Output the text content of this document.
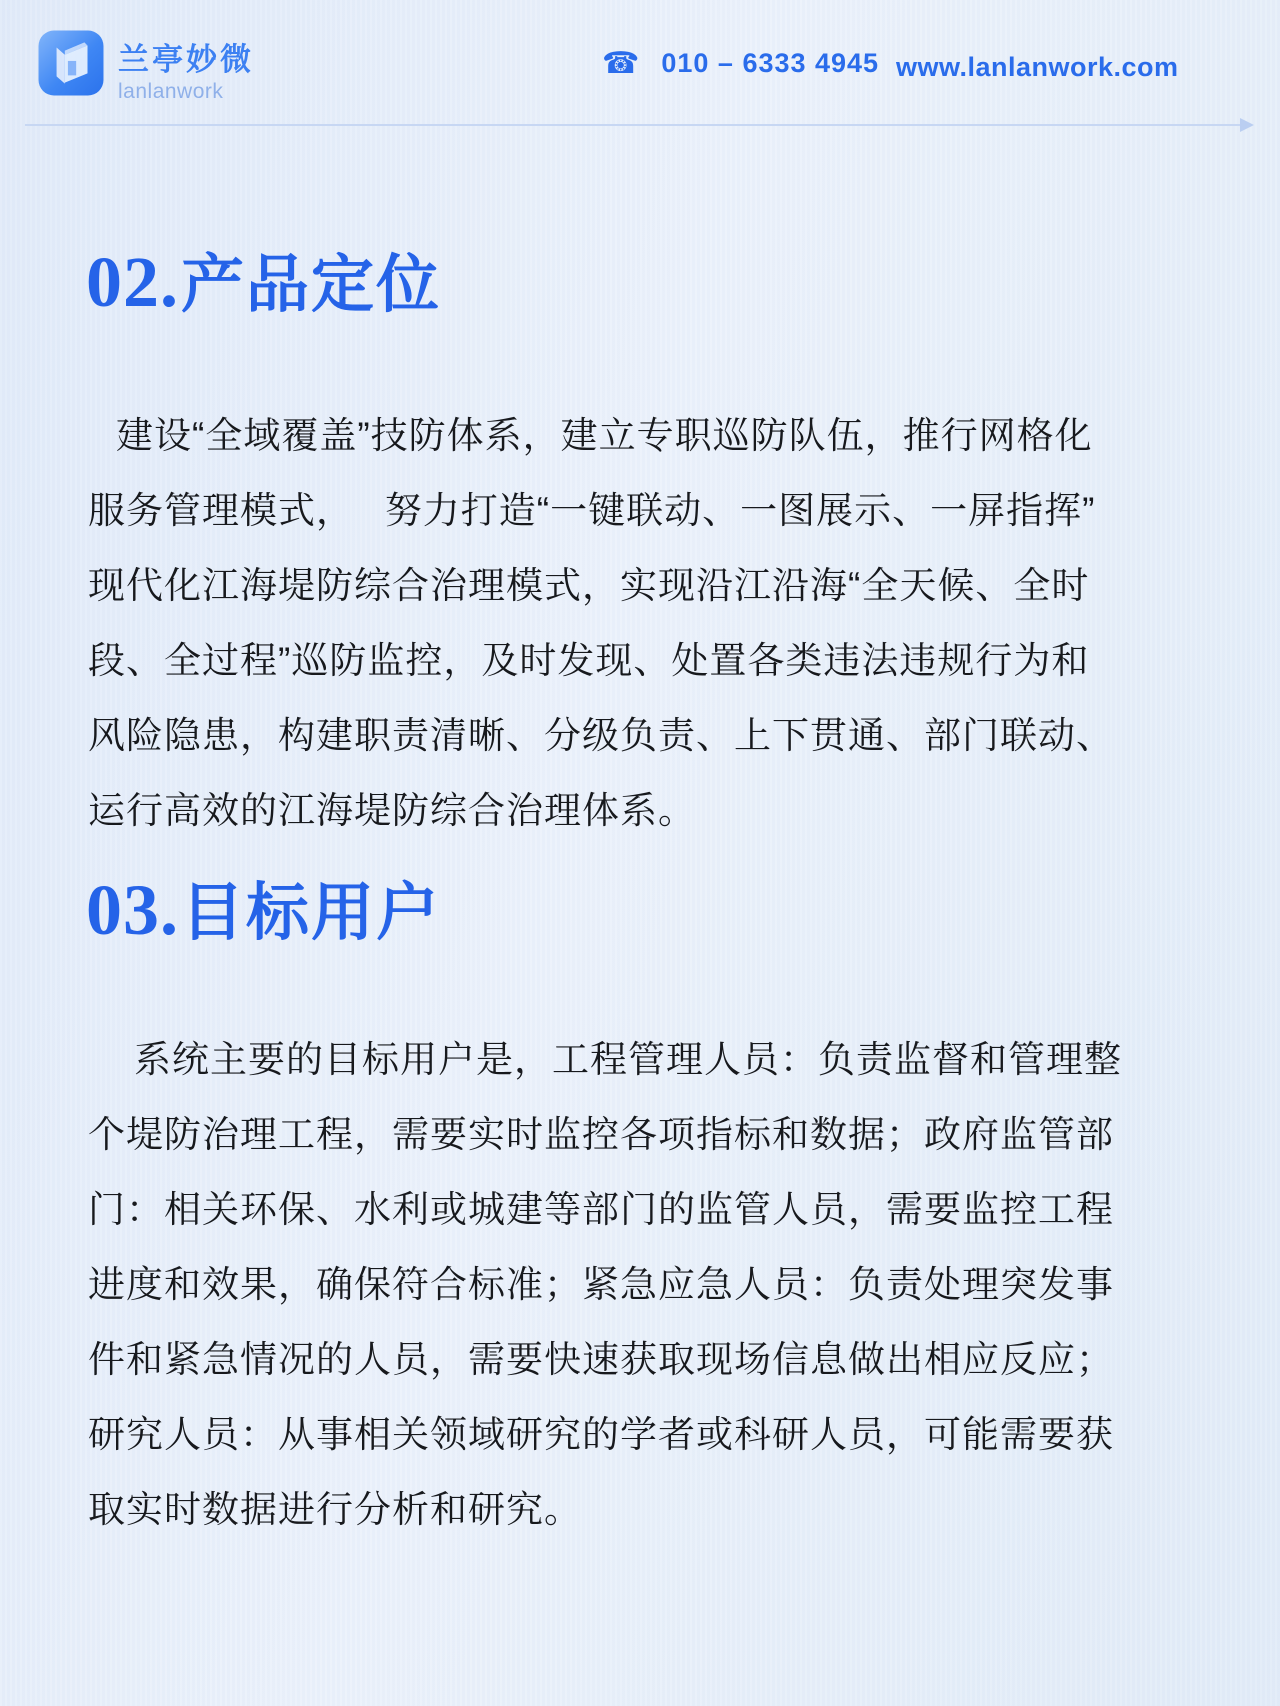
兰亭妙微
lanlanwork
☎ 010 – 6333 4945 www.lanlanwork.com
02.产品定位
建设“全域覆盖”技防体系，建立专职巡防队伍，推行网格化
服务管理模式，　 努力打造“一键联动、一图展示、一屏指挥”
现代化江海堤防综合治理模式，实现沿江沿海“全天候、全时
段、全过程”巡防监控，及时发现、处置各类违法违规行为和
风险隐患，构建职责清晰、分级负责、上下贯通、部门联动、
运行高效的江海堤防综合治理体系。
03.目标用户
系统主要的目标用户是，工程管理人员：负责监督和管理整
个堤防治理工程，需要实时监控各项指标和数据；政府监管部
门：相关环保、水利或城建等部门的监管人员，需要监控工程
进度和效果，确保符合标准；紧急应急人员：负责处理突发事
件和紧急情况的人员，需要快速获取现场信息做出相应反应；
研究人员：从事相关领域研究的学者或科研人员，可能需要获
取实时数据进行分析和研究。
